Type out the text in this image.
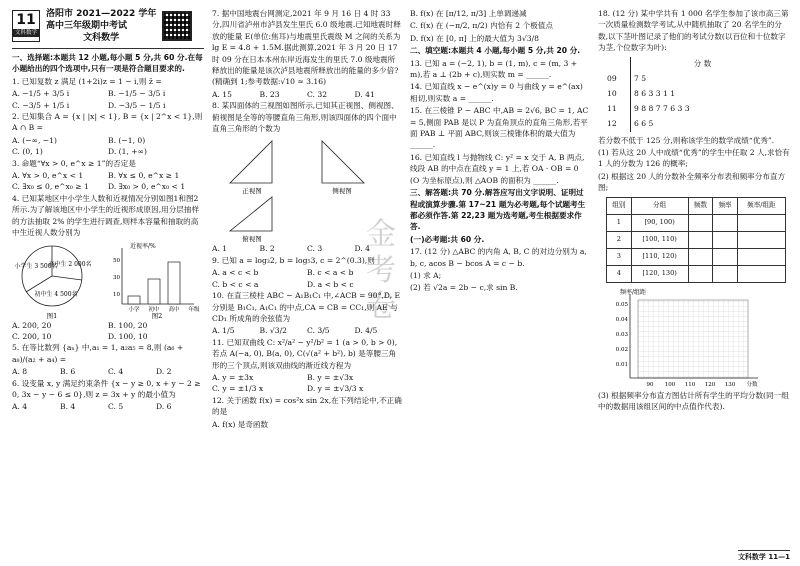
金
考
卷
11
文科数学
洛阳市 2021—2022 学年
高中三年级期中考试
文科数学
一、选择题:本题共 12 小题,每小题 5 分,共 60 分.在每小题给出的四个选项中,只有一项是符合题目要求的.
1. 已知复数 z 满足 (1+2i)z = 1 − i,则 z̄ =
A. −1/5 + 3/5 i	B. −1/5 − 3/5 i
C. −3/5 + 1/5 i	D. −3/5 − 1/5 i
2. 已知集合 A = {x | |x| < 1}, B = {x | 2^x < 1},则 A ∩ B =
A. (−∞, −1)	B. (−1, 0)
C. (0, 1)	D. (1, +∞)
3. 命题“∀x > 0, e^x ≥ 1”的否定是
A. ∀x > 0, e^x < 1	B. ∀x ≤ 0, e^x ≥ 1
C. ∃x₀ ≤ 0, e^x₀ ≥ 1	D. ∃x₀ > 0, e^x₀ < 1
4. 已知某地区中小学生人数和近视情况分别如图1和图2所示.为了解该地区中小学生的近视形成原因,用分层抽样的方法抽取 2% 的学生进行调查,则样本容量和抽取的高中生近视人数分别为
小学生 3 500名
高中生 2 000名
初中生 4 500名
图1
近视率/%
50
30
10
小学 初中 高中 年级
图2
A. 200, 20	B. 100, 20
C. 200, 10	D. 100, 10
5. 在等比数列 {aₙ} 中,a₁ = 1, a₂a₅ = 8,则 (a₆ + a₈)/(a₂ + a₄) =
A. 8	B. 6	C. 4	D. 2
6. 设变量 x, y 满足约束条件 {x − y ≥ 0, x + y − 2 ≥ 0, 3x − y − 6 ≤ 0},则 z = 3x + y 的最小值为
A. 4	B. 4	C. 5	D. 6
7. 据中国地震台网测定,2021 年 9 月 16 日 4 时 33 分,四川省泸州市泸县发生里氏 6.0 级地震.已知地震时释放的能量 E(单位:焦耳)与地震里氏震级 M 之间的关系为 lg E = 4.8 + 1.5M.据此测算,2021 年 3 月 20 日 17 时 09 分在日本本州东岸近海发生的里氏 7.0 级地震所释放出的能量是该次泸县地震所释放出的能量的多少倍?(精确到 1;参考数据:√10 ≈ 3.16)
A. 15	B. 23	C. 32	D. 41
8. 某四面体的三视图如图所示,已知其正视图、侧视图、俯视图是全等的等腰直角三角形,则该四面体的四个面中直角三角形的个数为
正视图	侧视图
俯视图
A. 1	B. 2	C. 3	D. 4
9. 已知 a = log₃2, b = log₅3, c = 2^(0.3),则
A. a < c < b	B. c < a < b
C. b < c < a	D. a < b < c
10. 在直三棱柱 ABC − A₁B₁C₁ 中,∠ACB = 90°,D, E 分别是 B₁C₁, A₁C₁ 的中点,CA = CB = CC₁,则 AE 与 CD₁ 所成角的余弦值为
A. 1/5	B. √3/2	C. 3/5	D. 4/5
11. 已知双曲线 C: x²/a² − y²/b² = 1 (a > 0, b > 0),若点 A(−a, 0), B(a, 0), C(√(a² + b²), b) 是等腰三角形的三个顶点,则该双曲线的渐近线方程为
A. y = ±3x	B. y = ±√3x
C. y = ±1/3 x	D. y = ±√3/3 x
12. 关于函数 f(x) = cos²x sin 2x,在下列结论中,不正确的是
A. f(x) 是奇函数
B. f(x) 在 [π/12, π/3] 上单调递减
C. f(x) 在 (−π/2, π/2) 内恰有 2 个极值点
D. f(x) 在 [0, π] 上的最大值为 3√3/8
二、填空题:本题共 4 小题,每小题 5 分,共 20 分.
13. 已知 a = (−2, 1), b = (1, m), c = (m, 3 + m),若 a ⊥ (2b + c),则实数 m = ______.
14. 已知直线 x − e^(x)y = 0 与曲线 y = e^(ax) 相切,则实数 a = ______.
15. 在三棱锥 P − ABC 中,AB = 2√6, BC = 1, AC = 5,侧面 PAB 是以 P 为直角顶点的直角三角形,若平面 PAB ⊥ 平面 ABC,则该三棱锥体积的最大值为 ______.
16. 已知直线 l 与抛物线 C: y² = x 交于 A, B 两点,线段 AB 的中点在直线 y = 1 上,若 OA · OB = 0 (O 为坐标原点),则 △AOB 的面积为 ______.
三、解答题:共 70 分.解答应写出文字说明、证明过程或演算步骤.第 17~21 题为必考题,每个试题考生都必须作答.第 22,23 题为选考题,考生根据要求作答.
(一)必考题:共 60 分.
17. (12 分) △ABC 的内角 A, B, C 的对边分别为 a, b, c, acos B − bcos A = c − b.
(1) 求 A;
(2) 若 √2a = 2b − c,求 sin B.
18. (12 分) 某中学共有 1 000 名学生参加了该市高三第一次质量检测数学考试,从中随机抽取了 20 名学生的分数,以下茎叶图记录了他们的考试分数(以百位和十位数字为茎,个位数字为叶):
	分 数
09	7 5
10	8 6 3 3 1 1
11	9 8 8 7 7 6 3 3
12	6 6 5
若分数不低于 125 分,则称该学生的数学成绩“优秀”.
(1) 若从这 20 人中成绩“优秀”的学生中任取 2 人,求恰有 1 人的分数为 126 的概率;
(2) 根据这 20 人的分数补全频率分布表和频率分布直方图;
组别	分组	频数	频率	频率/组距
1	[90, 100)			
2	[100, 110)			
3	[110, 120)			
4	[120, 130)			
频率/组距
0.05
0.04
0.03
0.02
0.01
90 100 110 120 130 分数
(3) 根据频率分布直方图估计所有学生的平均分数(同一组中的数据用该组区间的中点值作代表).
文科数学 11—1
